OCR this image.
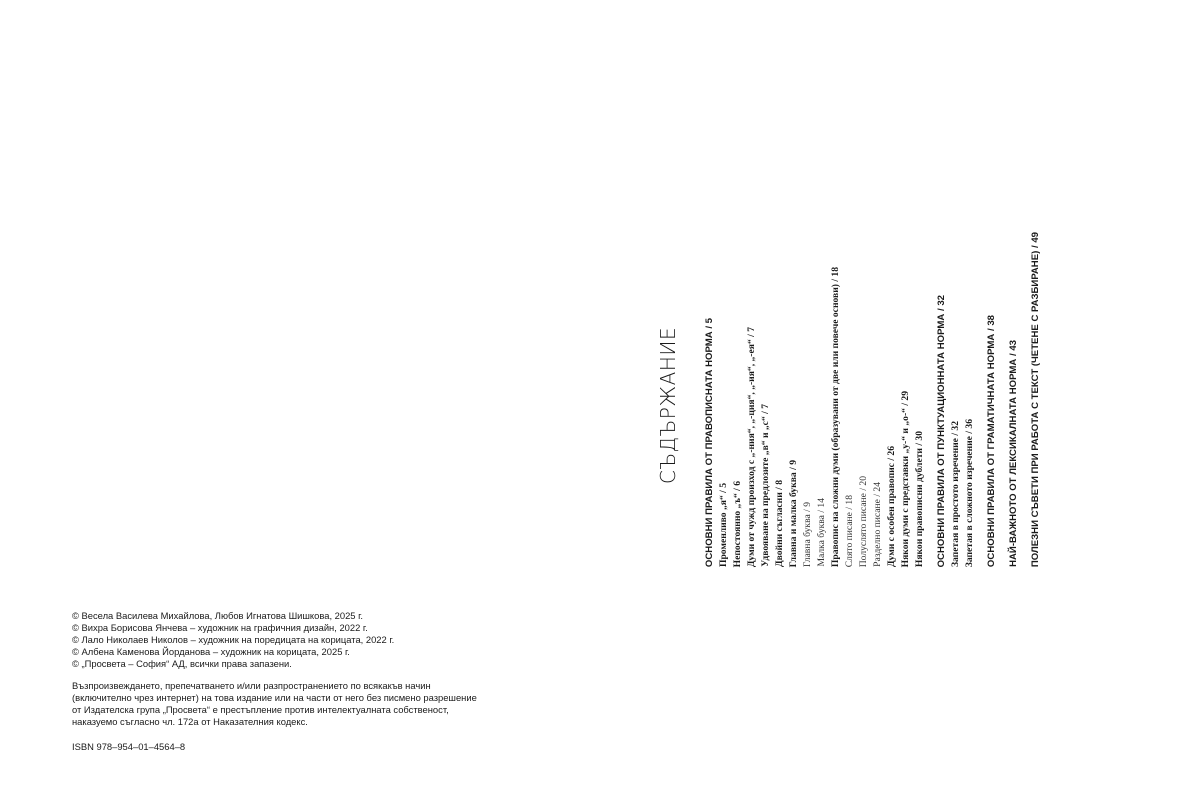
© Весела Василева Михайлова, Любов Игнатова Шишкова, 2025 г.
© Вихра Борисова Янчева – художник на графичния дизайн, 2022 г.
© Лало Николаев Николов – художник на поредицата на корицата, 2022 г.
© Албена Каменова Йорданова – художник на корицата, 2025 г.
© „Просвета – София“ АД, всички права запазени.
Възпроизвеждането, препечатването и/или разпространението по всякакъв начин
(включително чрез интернет) на това издание или на части от него без писмено разрешение
от Издателска група „Просвета“ е престъпление против интелектуалната собственост,
наказуемо съгласно чл. 172а от Наказателния кодекс.
ISBN 978–954–01–4564–8
СЪДЪРЖАНИЕ	ОСНОВНИ ПРАВИЛА ОТ ПРАВОПИСНАТА НОРМА / 5 Променливо „я“ / 5 Непостоянно „ъ“ / 6 Думи от чужд произход с „-ния“, „-ция“, „-ия“, „-ея“ / 7 Удвояване на предлозите „в“ и „с“ / 7 Двойни съгласни / 8 Главна и малка буква / 9 Главна буква / 9 Малка буква / 14 Правопис на сложни думи (образувани от две или повече основи) / 18 Слято писане / 18 Полуслято писане / 20 Разделно писане / 24 Думи с особен правопис / 26 Някои думи с представки „у-“ и „о-“ / 29 Някои правописни дублети / 30 ОСНОВНИ ПРАВИЛА ОТ ПУНКТУАЦИОННАТА НОРМА / 32 Запетая в простото изречение / 32 Запетая в сложното изречение / 36 ОСНОВНИ ПРАВИЛА ОТ ГРАМАТИЧНАТА НОРМА / 38 НАЙ-ВАЖНОТО ОТ ЛЕКСИКАЛНАТА НОРМА / 43 ПОЛЕЗНИ СЪВЕТИ ПРИ РАБОТА С ТЕКСТ (ЧЕТЕНЕ С РАЗБИРАНЕ) / 49
